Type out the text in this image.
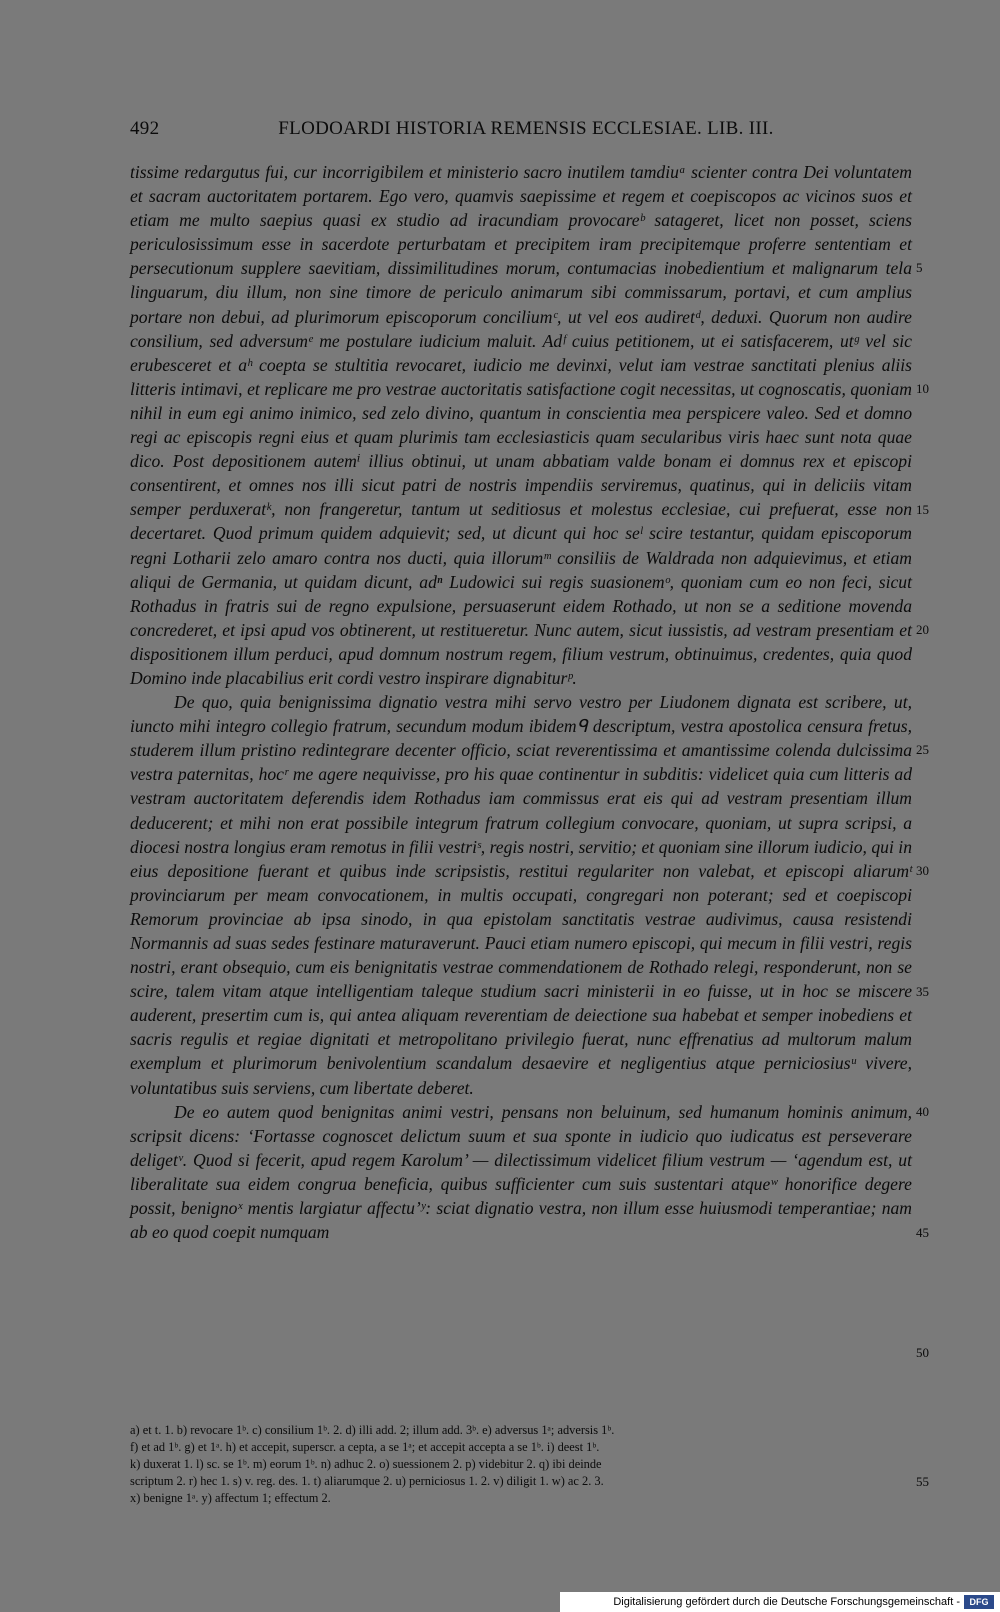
492	FLODOARDI HISTORIA REMENSIS ECCLESIAE. LIB. III.

tissime redargutus fui, cur incorrigibilem et ministerio sacro inutilem tamdiuᵃ scienter contra Dei voluntatem et sacram auctoritatem portarem. Ego vero, quamvis saepissime et regem et coepiscopos ac vicinos suos et etiam me multo saepius quasi ex studio ad iracundiam provocareᵇ satageret, licet non posset, sciens periculosissimum esse in sacerdote perturbatam et precipitem iram precipitemque proferre sententiam et persecutionum supplere saevitiam, dissimilitudines morum, contumacias inobedientium et malignarum tela linguarum, diu illum, non sine timore de periculo animarum sibi commissarum, portavi, et cum amplius portare non debui, ad plurimorum episcoporum conciliumᶜ, ut vel eos audiretᵈ, deduxi. Quorum non audire consilium, sed adversumᵉ me postulare iudicium maluit. Adᶠ cuius petitionem, ut ei satisfacerem, utᵍ vel sic erubesceret et aʰ coepta se stultitia revocaret, iudicio me devinxi, velut iam vestrae sanctitati plenius aliis litteris intimavi, et replicare me pro vestrae auctoritatis satisfactione cogit necessitas, ut cognoscatis, quoniam nihil in eum egi animo inimico, sed zelo divino, quantum in conscientia mea perspicere valeo. Sed et domno regi ac episcopis regni eius et quam plurimis tam ecclesiasticis quam secularibus viris haec sunt nota quae dico. Post depositionem autemⁱ illius obtinui, ut unam abbatiam valde bonam ei domnus rex et episcopi consentirent, et omnes nos illi sicut patri de nostris impendiis serviremus, quatinus, qui in deliciis vitam semper perduxeratᵏ, non frangeretur, tantum ut seditiosus et molestus ecclesiae, cui prefuerat, esse non decertaret. Quod primum quidem adquievit; sed, ut dicunt qui hoc seˡ scire testantur, quidam episcoporum regni Lotharii zelo amaro contra nos ducti, quia illorumᵐ consiliis de Waldrada non adquievimus, et etiam aliqui de Germania, ut quidam dicunt, adⁿ Ludowici sui regis suasionemᵒ, quoniam cum eo non feci, sicut Rothadus in fratris sui de regno expulsione, persuaserunt eidem Rothado, ut non se a seditione movenda concrederet, et ipsi apud vos obtinerent, ut restitueretur. Nunc autem, sicut iussistis, ad vestram presentiam et dispositionem illum perduci, apud domnum nostrum regem, filium vestrum, obtinuimus, credentes, quia quod Domino inde placabilius erit cordi vestro inspirare dignabiturᵖ.

De quo, quia benignissima dignatio vestra mihi servo vestro per Liudonem dignata est scribere, ut, iuncto mihi integro collegio fratrum, secundum modum ibidemᑫ descriptum, vestra apostolica censura fretus, studerem illum pristino redintegrare decenter officio, sciat reverentissima et amantissime colenda dulcissima vestra paternitas, hocʳ me agere nequivisse, pro his quae continentur in subditis: videlicet quia cum litteris ad vestram auctoritatem deferendis idem Rothadus iam commissus erat eis qui ad vestram presentiam illum deducerent; et mihi non erat possibile integrum fratrum collegium convocare, quoniam, ut supra scripsi, a diocesi nostra longius eram remotus in filii vestriˢ, regis nostri, servitio; et quoniam sine illorum iudicio, qui in eius depositione fuerant et quibus inde scripsistis, restitui regulariter non valebat, et episcopi aliarumᵗ provinciarum per meam convocationem, in multis occupati, congregari non poterant; sed et coepiscopi Remorum provinciae ab ipsa sinodo, in qua epistolam sanctitatis vestrae audivimus, causa resistendi Normannis ad suas sedes festinare maturaverunt. Pauci etiam numero episcopi, qui mecum in filii vestri, regis nostri, erant obsequio, cum eis benignitatis vestrae commendationem de Rothado relegi, responderunt, non se scire, talem vitam atque intelligentiam taleque studium sacri ministerii in eo fuisse, ut in hoc se miscere auderent, presertim cum is, qui antea aliquam reverentiam de deiectione sua habebat et semper inobediens et sacris regulis et regiae dignitati et metropolitano privilegio fuerat, nunc effrenatius ad multorum malum exemplum et plurimorum benivolentium scandalum desaevire et negligentius atque perniciosiusᵘ vivere, voluntatibus suis serviens, cum libertate deberet.

De eo autem quod benignitas animi vestri, pensans non beluinum, sed humanum hominis animum, scripsit dicens: ‘Fortasse cognoscet delictum suum et sua sponte in iudicio quo iudicatus est perseverare deligetᵛ. Quod si fecerit, apud regem Karolum’ — dilectissimum videlicet filium vestrum — ‘agendum est, ut liberalitate sua eidem congrua beneficia, quibus sufficienter cum suis sustentari atqueʷ honorifice degere possit, benignoˣ mentis largiatur affectu’ʸ: sciat dignatio vestra, non illum esse huiusmodi temperantiae; nam ab eo quod coepit numquam

5
10
15
20
25
30
35
40
45
50
55
a) et t. 1. b) revocare 1ᵇ. c) consilium 1ᵇ. 2. d) illi add. 2; illum add. 3ᵇ. e) adversus 1ᵃ; adversis 1ᵇ.
f) et ad 1ᵇ. g) et 1ᵃ. h) et accepit, superscr. a cepta, a se 1ᵃ; et accepit accepta a se 1ᵇ. i) deest 1ᵇ.
k) duxerat 1. l) sc. se 1ᵇ. m) eorum 1ᵇ. n) adhuc 2. o) suessionem 2. p) videbitur 2. q) ibi deinde
scriptum 2. r) hec 1. s) v. reg. des. 1. t) aliarumque 2. u) perniciosus 1. 2. v) diligit 1. w) ac 2. 3.
x) benigne 1ᵃ. y) affectum 1; effectum 2.
Digitalisierung gefördert durch die Deutsche Forschungsgemeinschaft -	DFG
